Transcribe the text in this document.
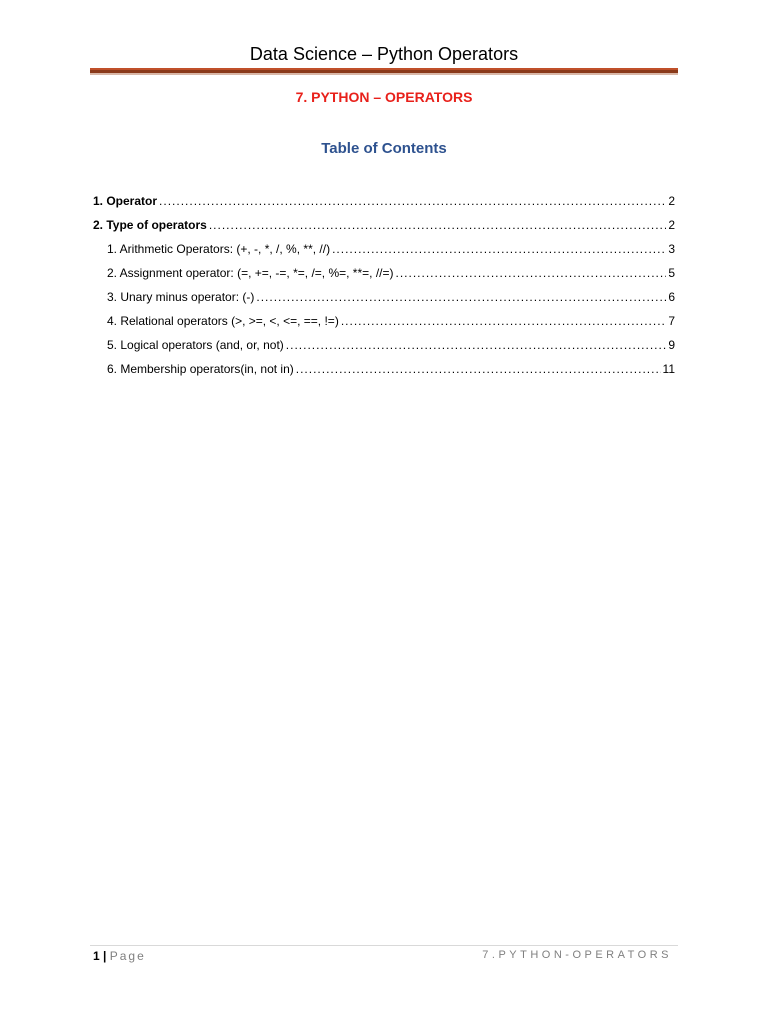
Data Science – Python Operators
7. PYTHON – OPERATORS
Table of Contents
1. Operator .....	2
2. Type of operators .....	2
1. Arithmetic Operators: (+, -, *, /, %, **, //) .....	3
2. Assignment operator: (=, +=, -=, *=, /=, %=, **=, //=) .....	5
3. Unary minus operator: (-) .....	6
4. Relational operators (>, >=, <, <=, ==, !=) .....	7
5. Logical operators (and, or, not) .....	9
6. Membership operators(in, not in) .....	11
1 | Page	7.PYTHON-OPERATORS
